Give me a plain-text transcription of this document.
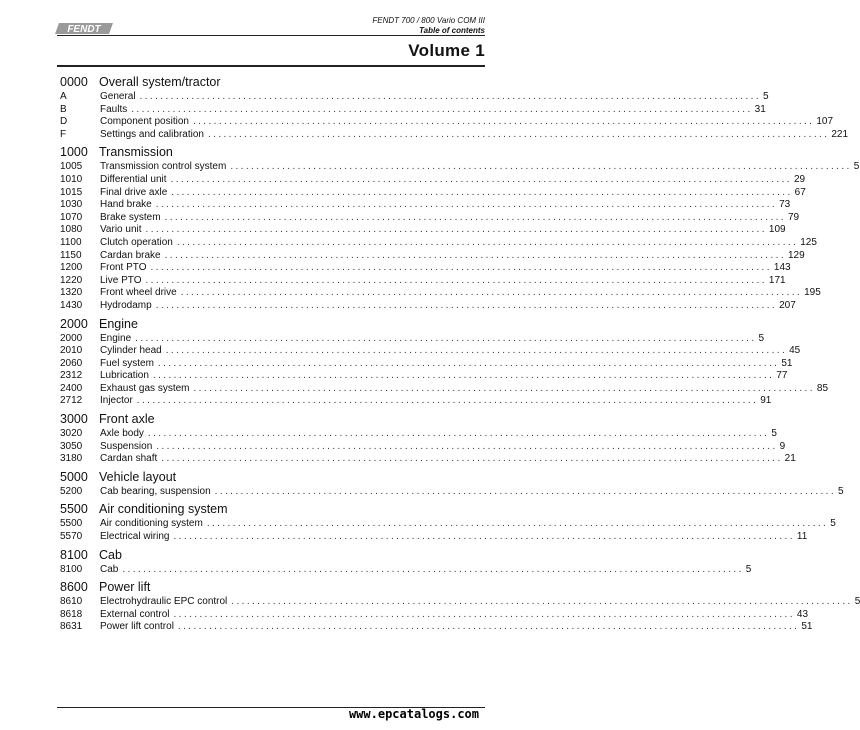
FENDT
FENDT 700 / 800 Vario COM III
Table of contents
Volume 1
0000 Overall system/tractor
A	General ........................................................................................................................ 5
B	Faults ........................................................................................................................ 31
D	Component position ........................................................................................................................ 107
F	Settings and calibration ........................................................................................................................ 221
1000 Transmission
1005	Transmission control system ........................................................................................................................ 5
1010	Differential unit ........................................................................................................................ 29
1015	Final drive axle ........................................................................................................................ 67
1030	Hand brake ........................................................................................................................ 73
1070	Brake system ........................................................................................................................ 79
1080	Vario unit ........................................................................................................................ 109
1100	Clutch operation ........................................................................................................................ 125
1150	Cardan brake ........................................................................................................................ 129
1200	Front PTO ........................................................................................................................ 143
1220	Live PTO ........................................................................................................................ 171
1320	Front wheel drive ........................................................................................................................ 195
1430	Hydrodamp ........................................................................................................................ 207
2000 Engine
2000	Engine ........................................................................................................................ 5
2010	Cylinder head ........................................................................................................................ 45
2060	Fuel system ........................................................................................................................ 51
2312	Lubrication ........................................................................................................................ 77
2400	Exhaust gas system ........................................................................................................................ 85
2712	Injector ........................................................................................................................ 91
3000 Front axle
3020	Axle body ........................................................................................................................ 5
3050	Suspension ........................................................................................................................ 9
3180	Cardan shaft ........................................................................................................................ 21
5000 Vehicle layout
5200	Cab bearing, suspension ........................................................................................................................ 5
5500 Air conditioning system
5500	Air conditioning system ........................................................................................................................ 5
5570	Electrical wiring ........................................................................................................................ 11
8100 Cab
8100	Cab ........................................................................................................................ 5
8600 Power lift
8610	Electrohydraulic EPC control ........................................................................................................................ 5
8618	External control ........................................................................................................................ 43
8631	Power lift control ........................................................................................................................ 51
www.epcatalogs.com
